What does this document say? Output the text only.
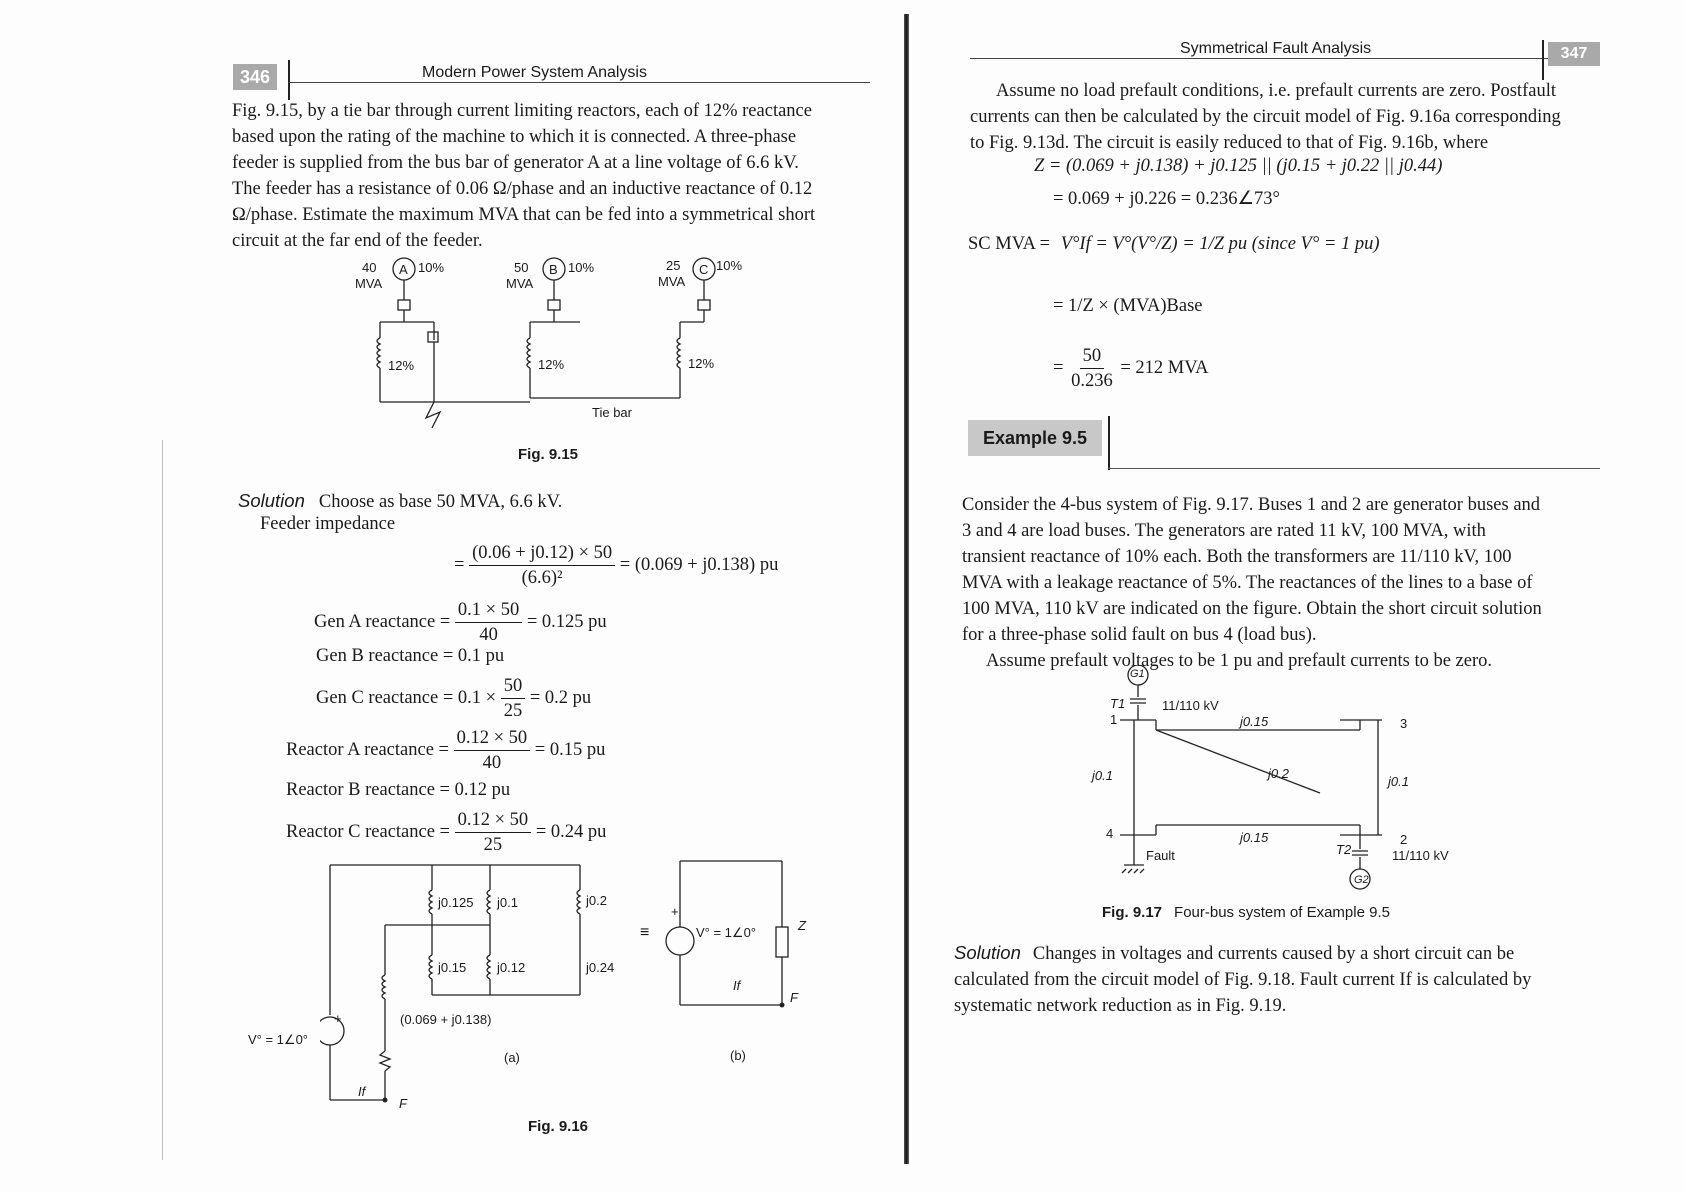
346	Modern Power System Analysis
Fig. 9.15, by a tie bar through current limiting reactors, each of 12% reactance
based upon the rating of the machine to which it is connected. A three-phase
feeder is supplied from the bus bar of generator A at a line voltage of 6.6 kV.
The feeder has a resistance of 0.06 Ω/phase and an inductive reactance of 0.12
Ω/phase. Estimate the maximum MVA that can be fed into a symmetrical short
circuit at the far end of the feeder.
40
MVA
A 10%	50
MVA
B 10%	25
MVA
C 10%
12%	12%	12%
Tie bar
Fig. 9.15
Solution Choose as base 50 MVA, 6.6 kV.
Feeder impedance
= $\frac{(0.06 + j0.12) \times 50}{\text{(6.6)²}} = (0.069 + j0.138)$ pu
Gen A reactance = $\frac{0.1 \times 50}{40} = 0.125$ pu
Gen B reactance = 0.1 pu
Gen C reactance = $0.1 \times \frac{50}{25} = 0.2$ pu
Reactor A reactance = $\frac{0.12 \times 50}{40} = 0.15$ pu
Reactor B reactance = 0.12 pu
Reactor C reactance = $\frac{0.12 \times 50}{25} = 0.24$ pu
j0.125 j0.1	j0.2
j0.15 j0.12	j0.24
(0.069 + j0.138)
+
V° = 1∠0°
If
F
(a)
≡
+
V° = 1∠0°	Z
If
F
(b)
Fig. 9.16
Symmetrical Fault Analysis	347
Assume no load prefault conditions, i.e. prefault currents are zero. Postfault
currents can then be calculated by the circuit model of Fig. 9.16a corresponding
to Fig. 9.13d. The circuit is easily reduced to that of Fig. 9.16b, where
Z = (0.069 + j0.138) + j0.125 || (j0.15 + j0.22 || j0.44)
= 0.069 + j0.226 = 0.236∠73°
SC MVA = V°If = V°(V°/Z) = 1/Z pu (since V° = 1 pu)
= 1/Z × (MVA)Base
= $\frac{50}{0.236} = 212$ MVA
Example 9.5
Consider the 4-bus system of Fig. 9.17. Buses 1 and 2 are generator buses and
3 and 4 are load buses. The generators are rated 11 kV, 100 MVA, with
transient reactance of 10% each. Both the transformers are 11/110 kV, 100
MVA with a leakage reactance of 5%. The reactances of the lines to a base of
100 MVA, 110 kV are indicated on the figure. Obtain the short circuit solution
for a three-phase solid fault on bus 4 (load bus).
Assume prefault voltages to be 1 pu and prefault currents to be zero.
G1
T1	11/110 kV
1	j0.15	3
j0.1	j0.2
j0.1
4	j0.15	2
Fault	T2	11/110 kV
G2
Fig. 9.17 Four-bus system of Example 9.5
Solution Changes in voltages and currents caused by a short circuit can be
calculated from the circuit model of Fig. 9.18. Fault current If is calculated by
systematic network reduction as in Fig. 9.19.
